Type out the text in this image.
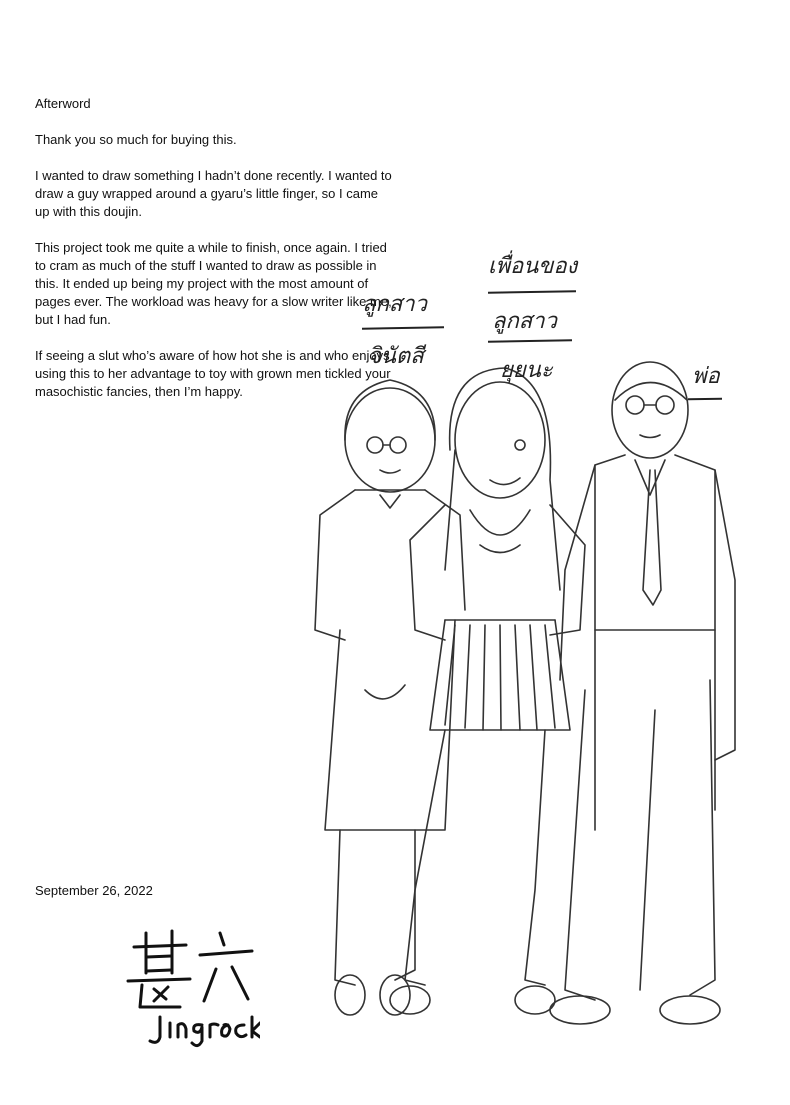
Afterword

Thank you so much for buying this.

I wanted to draw something I hadn’t done recently. I wanted to draw a guy wrapped around a gyaru’s little finger, so I came up with this doujin.

This project took me quite a while to finish, once again. I tried to cram as much of the stuff I wanted to draw as possible in this. It ended up being my project with the most amount of pages ever. The workload was heavy for a slow writer like me, but I had fun.

If seeing a slut who’s aware of how hot she is and who enjoys using this to her advantage to toy with grown men tickled your masochistic fancies, then I’m happy.

September 26, 2022
ลูกสาว
จินัตสี
เพื่อนของ
ลูกสาว
ยุยนะ	พ่อ
